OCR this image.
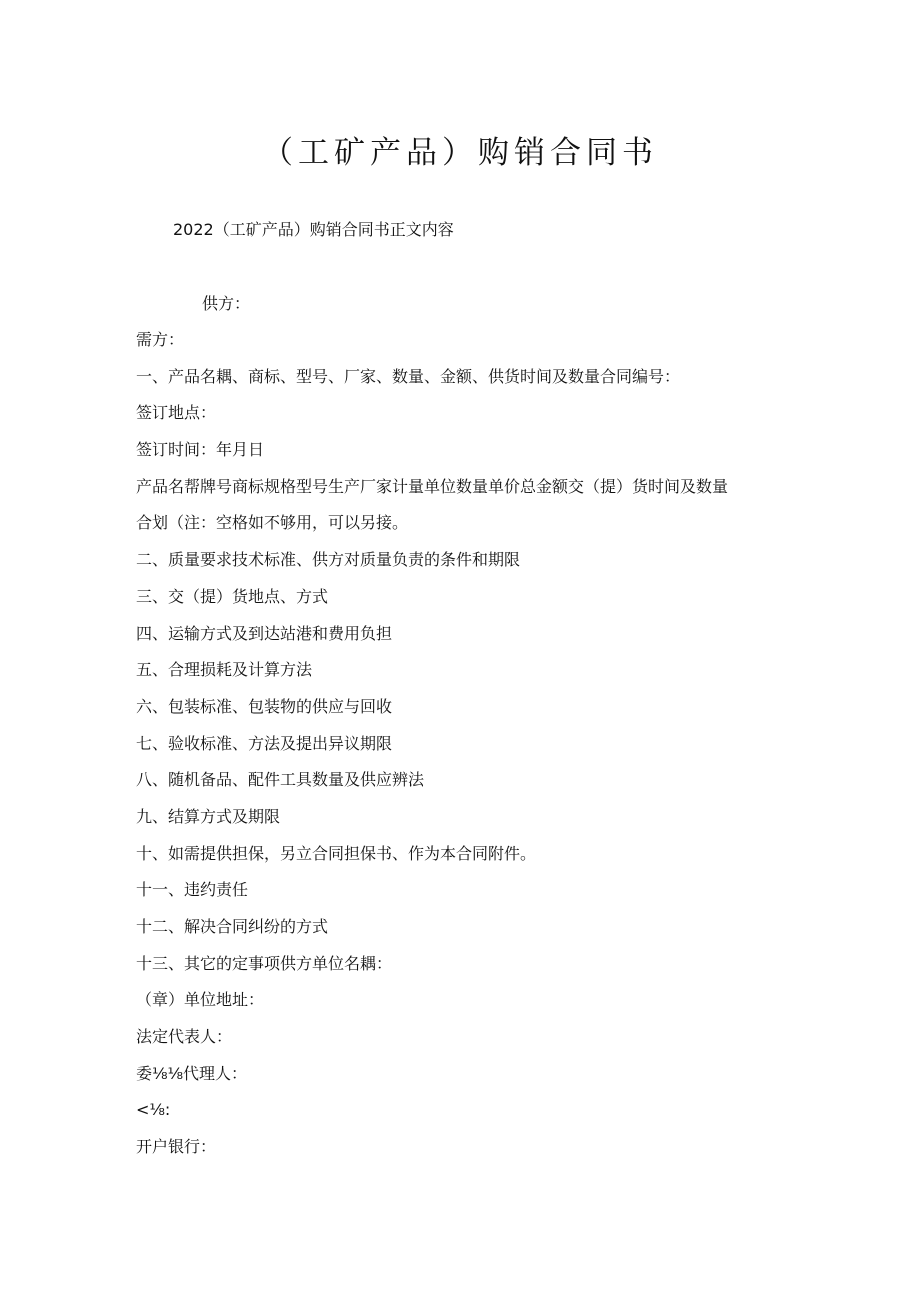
（工矿产品）购销合同书
2022（工矿产品）购销合同书正文内容
供方：
需方：
一、产品名耦、商标、型号、厂家、数量、金额、供货时间及数量合同编号：
签订地点：
签订时间：年月日
产品名帮牌号商标规格型号生产厂家计量单位数量单价总金额交（提）货时间及数量
合划（注：空格如不够用，可以另接。
二、质量要求技术标准、供方对质量负责的条件和期限
三、交（提）货地点、方式
四、运输方式及到达站港和费用负担
五、合理损耗及计算方法
六、包装标准、包装物的供应与回收
七、验收标准、方法及提出异议期限
八、随机备品、配件工具数量及供应辨法
九、结算方式及期限
十、如需提供担保，另立合同担保书、作为本合同附件。
十一、违约责任
十二、解决合同纠纷的方式
十三、其它的定事项供方单位名耦：
（章）单位地址：
法定代表人：
委⅛⅛代理人：
<⅛:
开户银行：
